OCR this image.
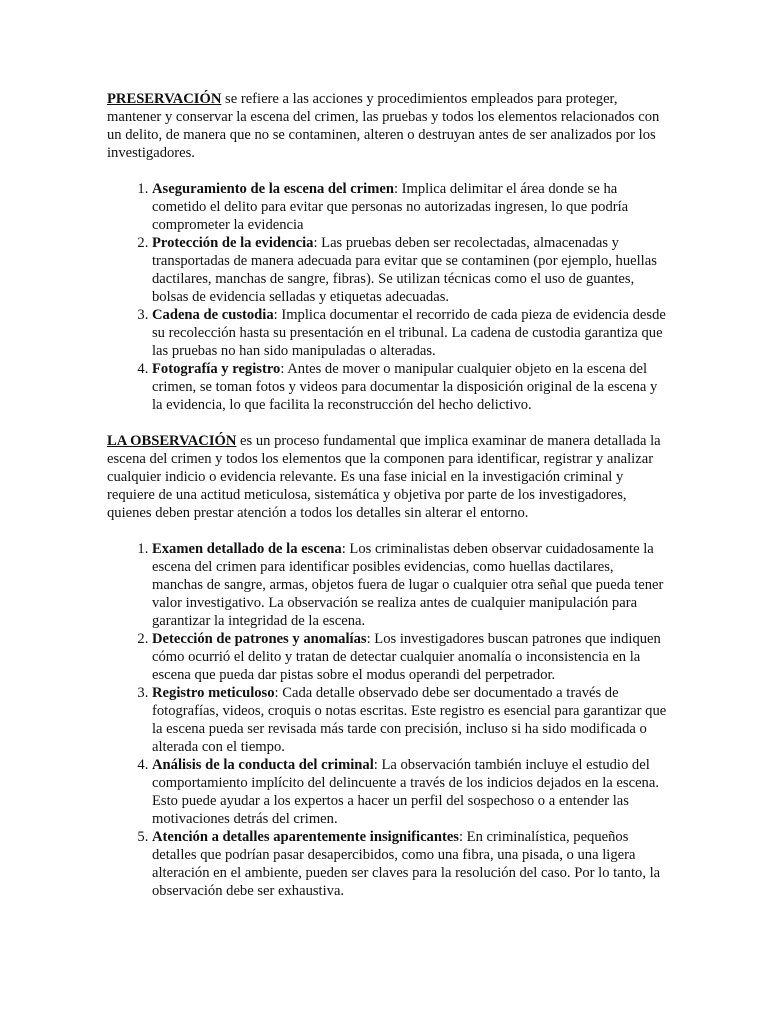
PRESERVACIÓN se refiere a las acciones y procedimientos empleados para proteger, mantener y conservar la escena del crimen, las pruebas y todos los elementos relacionados con un delito, de manera que no se contaminen, alteren o destruyan antes de ser analizados por los investigadores.

1. Aseguramiento de la escena del crimen: Implica delimitar el área donde se ha cometido el delito para evitar que personas no autorizadas ingresen, lo que podría comprometer la evidencia
2. Protección de la evidencia: Las pruebas deben ser recolectadas, almacenadas y transportadas de manera adecuada para evitar que se contaminen (por ejemplo, huellas dactilares, manchas de sangre, fibras). Se utilizan técnicas como el uso de guantes, bolsas de evidencia selladas y etiquetas adecuadas.
3. Cadena de custodia: Implica documentar el recorrido de cada pieza de evidencia desde su recolección hasta su presentación en el tribunal. La cadena de custodia garantiza que las pruebas no han sido manipuladas o alteradas.
4. Fotografía y registro: Antes de mover o manipular cualquier objeto en la escena del crimen, se toman fotos y videos para documentar la disposición original de la escena y la evidencia, lo que facilita la reconstrucción del hecho delictivo.

LA OBSERVACIÓN es un proceso fundamental que implica examinar de manera detallada la escena del crimen y todos los elementos que la componen para identificar, registrar y analizar cualquier indicio o evidencia relevante. Es una fase inicial en la investigación criminal y requiere de una actitud meticulosa, sistemática y objetiva por parte de los investigadores, quienes deben prestar atención a todos los detalles sin alterar el entorno.

1. Examen detallado de la escena: Los criminalistas deben observar cuidadosamente la escena del crimen para identificar posibles evidencias, como huellas dactilares, manchas de sangre, armas, objetos fuera de lugar o cualquier otra señal que pueda tener valor investigativo. La observación se realiza antes de cualquier manipulación para garantizar la integridad de la escena.
2. Detección de patrones y anomalías: Los investigadores buscan patrones que indiquen cómo ocurrió el delito y tratan de detectar cualquier anomalía o inconsistencia en la escena que pueda dar pistas sobre el modus operandi del perpetrador.
3. Registro meticuloso: Cada detalle observado debe ser documentado a través de fotografías, videos, croquis o notas escritas. Este registro es esencial para garantizar que la escena pueda ser revisada más tarde con precisión, incluso si ha sido modificada o alterada con el tiempo.
4. Análisis de la conducta del criminal: La observación también incluye el estudio del comportamiento implícito del delincuente a través de los indicios dejados en la escena. Esto puede ayudar a los expertos a hacer un perfil del sospechoso o a entender las motivaciones detrás del crimen.
5. Atención a detalles aparentemente insignificantes: En criminalística, pequeños detalles que podrían pasar desapercibidos, como una fibra, una pisada, o una ligera alteración en el ambiente, pueden ser claves para la resolución del caso. Por lo tanto, la observación debe ser exhaustiva.
